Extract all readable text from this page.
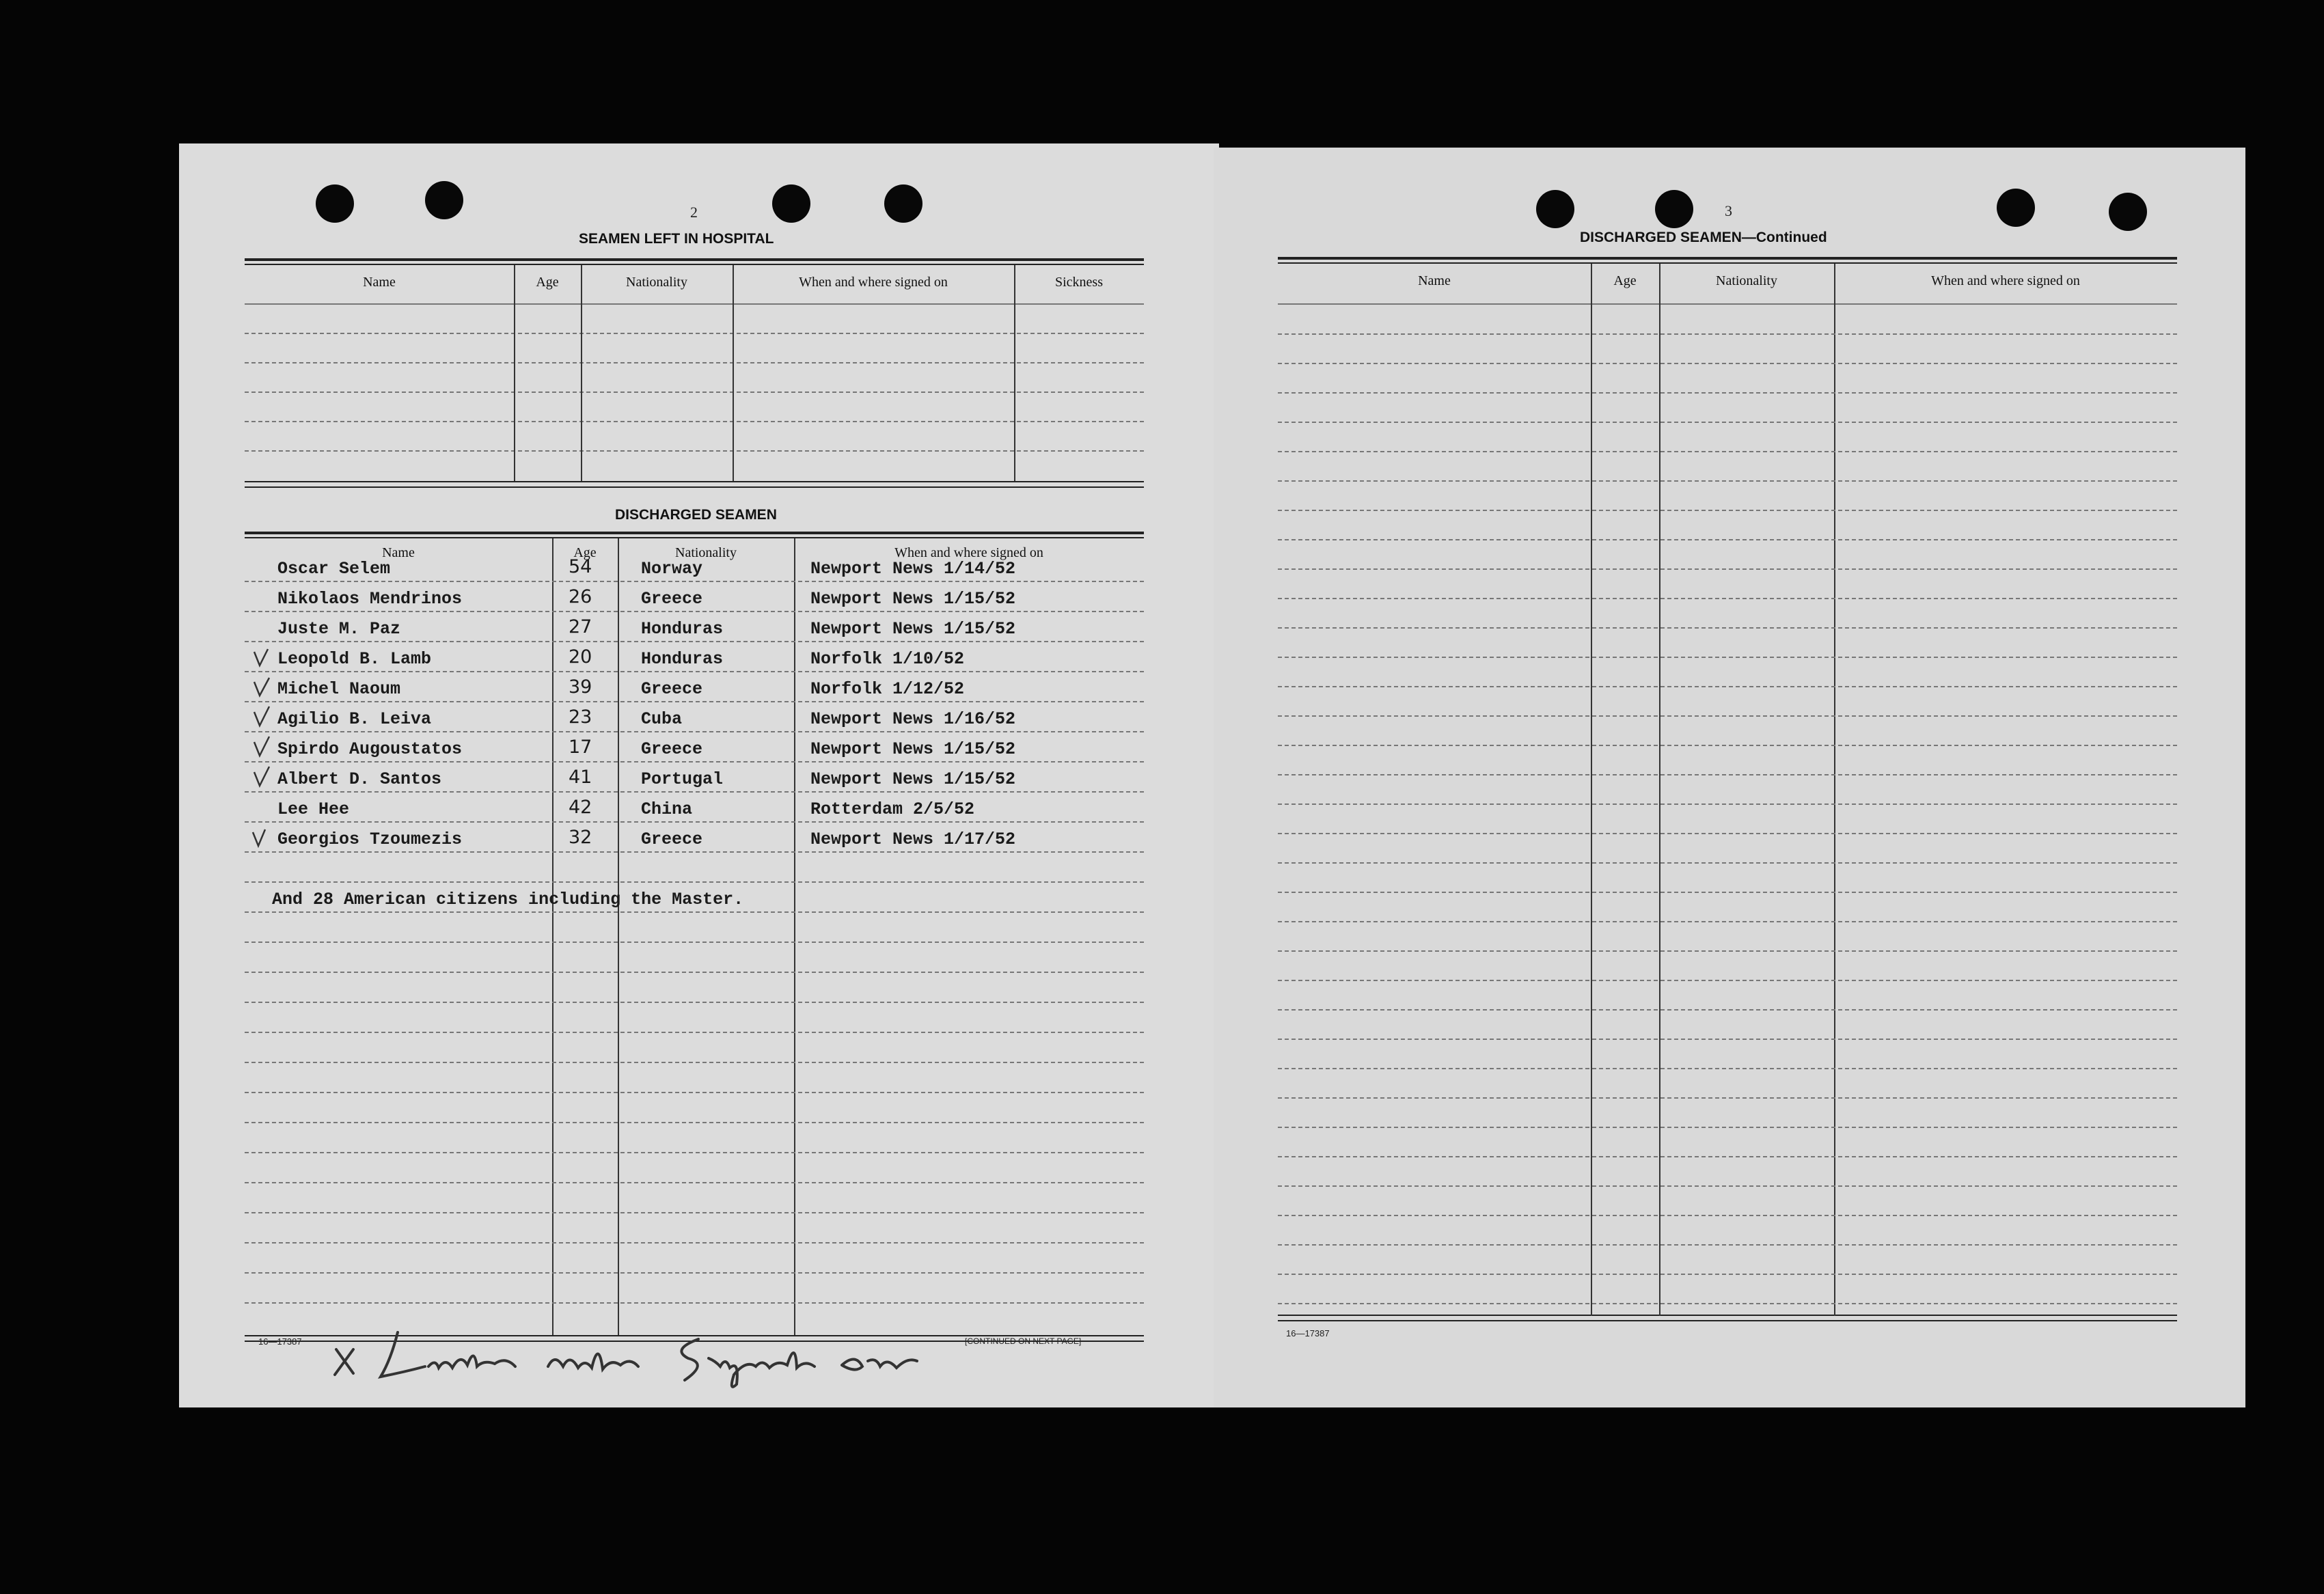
2
SEAMEN LEFT IN HOSPITAL
Name	Age	Nationality	When and where signed on	Sickness
DISCHARGED SEAMEN
Name	Age	Nationality	When and where signed on
Oscar Selem	54	Norway	Newport News 1/14/52
Nikolaos Mendrinos	26	Greece	Newport News 1/15/52
Juste M. Paz	27	Honduras	Newport News 1/15/52
Leopold B. Lamb	20	Honduras	Norfolk 1/10/52
Michel Naoum	39	Greece	Norfolk 1/12/52
Agilio B. Leiva	23	Cuba	Newport News 1/16/52
Spirdo Augoustatos	17	Greece	Newport News 1/15/52
Albert D. Santos	41	Portugal	Newport News 1/15/52
Lee Hee	42	China	Rotterdam 2/5/52
Georgios Tzoumezis	32	Greece	Newport News 1/17/52
And 28 American citizens including the Master.
16—17387	[CONTINUED ON NEXT PAGE]
3
DISCHARGED SEAMEN—Continued
Name	Age	Nationality	When and where signed on
16—17387
